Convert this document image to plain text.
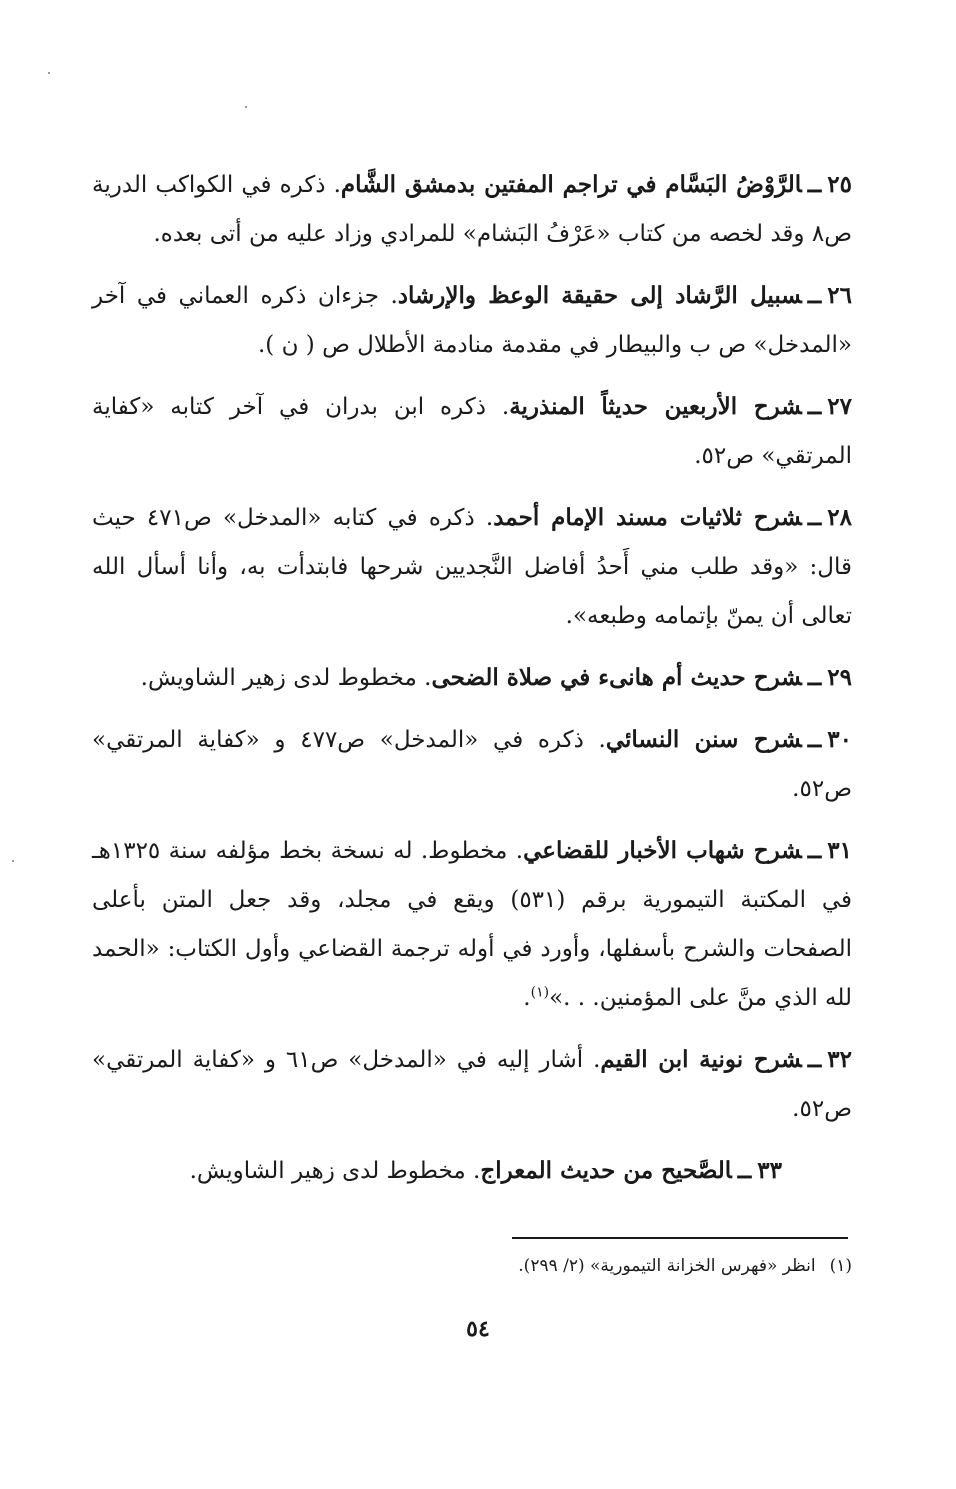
٢٥ــالرَّوْضُ البَسَّام في تراجم المفتين بدمشق الشَّام. ذكره في الكواكب الدرية ص٨ وقد لخصه من كتاب «عَرْفُ البَشام» للمرادي وزاد عليه من أتى بعده.

٢٦ــسبيل الرَّشاد إلى حقيقة الوعظ والإرشاد. جزءان ذكره العماني في آخر «المدخل» ص ب والبيطار في مقدمة منادمة الأطلال ص ( ن ).

٢٧ــشرح الأربعين حديثاً المنذرية. ذكره ابن بدران في آخر كتابه «كفاية المرتقي» ص٥٢.

٢٨ــشرح ثلاثيات مسند الإمام أحمد. ذكره في كتابه «المدخل» ص٤٧١ حيث قال: «وقد طلب مني أَحدُ أفاضل النَّجديين شرحها فابتدأت به، وأنا أسأل الله تعالى أن يمنّ بإتمامه وطبعه».

٢٩ــشرح حديث أم هانىء في صلاة الضحى. مخطوط لدى زهير الشاويش.

٣٠ــشرح سنن النسائي. ذكره في «المدخل» ص٤٧٧ و «كفاية المرتقي» ص٥٢.

٣١ــشرح شهاب الأخبار للقضاعي. مخطوط. له نسخة بخط مؤلفه سنة ١٣٢٥هـ في المكتبة التيمورية برقم (٥٣١) ويقع في مجلد، وقد جعل المتن بأعلى الصفحات والشرح بأسفلها، وأورد في أوله ترجمة القضاعي وأول الكتاب: «الحمد لله الذي منَّ على المؤمنين. . .»$^{(١)}$.

٣٢ــشرح نونية ابن القيم. أشار إليه في «المدخل» ص٦١ و «كفاية المرتقي» ص٥٢.

٣٣ــالصَّحيح من حديث المعراج. مخطوط لدى زهير الشاويش.

(١)انظر «فهرس الخزانة التيمورية» (٢/ ٢٩٩).
٥٤
